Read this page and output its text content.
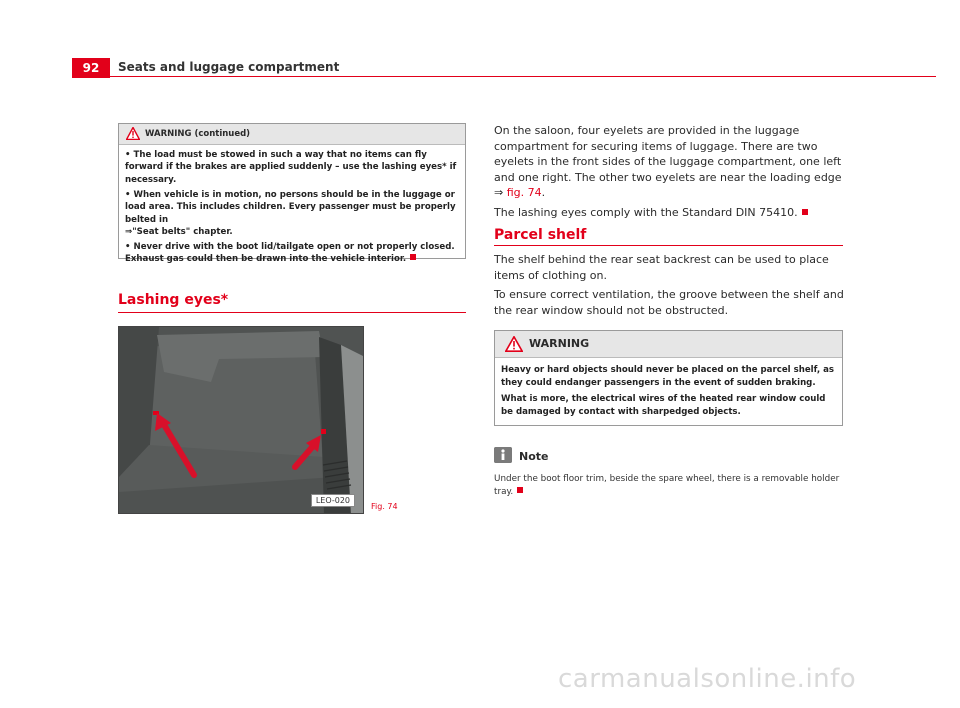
92	Seats and luggage compartment
WARNING (continued)

• The load must be stowed in such a way that no items can fly forward if the brakes are applied suddenly – use the lashing eyes* if necessary.

• When vehicle is in motion, no persons should be in the luggage or load area. This includes children. Every passenger must be properly belted in
⇒"Seat belts" chapter.

• Never drive with the boot lid/tailgate open or not properly closed. Exhaust gas could then be drawn into the vehicle interior.

Lashing eyes*
LEO-020
Fig. 74

On the saloon, four eyelets are provided in the luggage compartment for securing items of luggage. There are two eyelets in the front sides of the luggage compartment, one left and one right. The other two eyelets are near the loading edge ⇒ fig. 74.

The lashing eyes comply with the Standard DIN 75410.

Parcel shelf

The shelf behind the rear seat backrest can be used to place items of clothing on.

To ensure correct ventilation, the groove between the shelf and the rear window should not be obstructed.

WARNING

Heavy or hard objects should never be placed on the parcel shelf, as they could endanger passengers in the event of sudden braking.

What is more, the electrical wires of the heated rear window could be damaged by contact with sharpedged objects.

Note
Under the boot floor trim, beside the spare wheel, there is a removable holder tray.
carmanualsonline.info
